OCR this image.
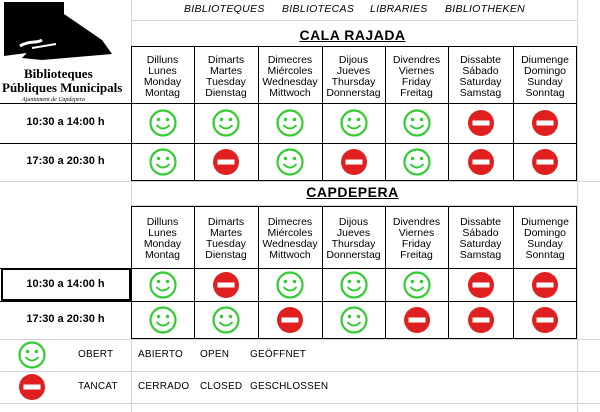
BIBLIOTEQUES BIBLIOTECAS LIBRARIES BIBLIOTHEKEN
Biblioteques
Públiques Municipals
Ajuntament de Capdepera
CALA RAJADA
CAPDEPERA
Dilluns
Lunes
Monday
Montag
Dimarts
Martes
Tuesday
Dienstag
Dimecres
Miércoles
Wednesday
Mittwoch
Dijous
Jueves
Thursday
Donnerstag
Divendres
Viernes
Friday
Freitag
Dissabte
Sábado
Saturday
Samstag
Diumenge
Domingo
Sunday
Sonntag
10:30 a 14:00 h
17:30 a 20:30 h
Dilluns
Lunes
Monday
Montag
Dimarts
Martes
Tuesday
Dienstag
Dimecres
Miércoles
Wednesday
Mittwoch
Dijous
Jueves
Thursday
Donnerstag
Divendres
Viernes
Friday
Freitag
Dissabte
Sábado
Saturday
Samstag
Diumenge
Domingo
Sunday
Sonntag
10:30 a 14:00 h
17:30 a 20:30 h
OBERT ABIERTO OPEN GEÖFFNET
TANCAT CERRADO CLOSED GESCHLOSSEN
